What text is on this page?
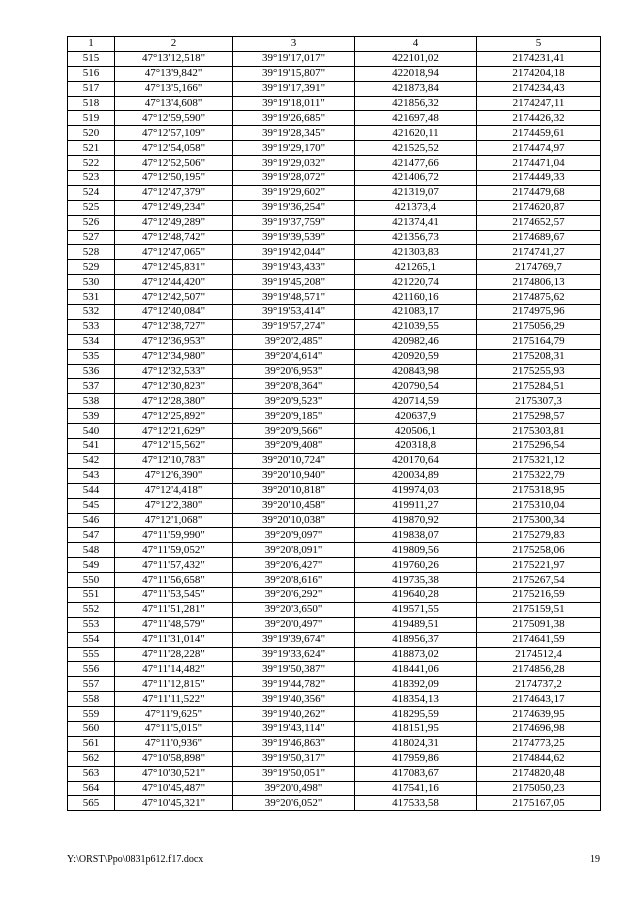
1	2	3	4	5
515	47°13'12,518"	39°19'17,017"	422101,02	2174231,41
516	47°13'9,842"	39°19'15,807"	422018,94	2174204,18
517	47°13'5,166"	39°19'17,391"	421873,84	2174234,43
518	47°13'4,608"	39°19'18,011"	421856,32	2174247,11
519	47°12'59,590"	39°19'26,685"	421697,48	2174426,32
520	47°12'57,109"	39°19'28,345"	421620,11	2174459,61
521	47°12'54,058"	39°19'29,170"	421525,52	2174474,97
522	47°12'52,506"	39°19'29,032"	421477,66	2174471,04
523	47°12'50,195"	39°19'28,072"	421406,72	2174449,33
524	47°12'47,379"	39°19'29,602"	421319,07	2174479,68
525	47°12'49,234"	39°19'36,254"	421373,4	2174620,87
526	47°12'49,289"	39°19'37,759"	421374,41	2174652,57
527	47°12'48,742"	39°19'39,539"	421356,73	2174689,67
528	47°12'47,065"	39°19'42,044"	421303,83	2174741,27
529	47°12'45,831"	39°19'43,433"	421265,1	2174769,7
530	47°12'44,420"	39°19'45,208"	421220,74	2174806,13
531	47°12'42,507"	39°19'48,571"	421160,16	2174875,62
532	47°12'40,084"	39°19'53,414"	421083,17	2174975,96
533	47°12'38,727"	39°19'57,274"	421039,55	2175056,29
534	47°12'36,953"	39°20'2,485"	420982,46	2175164,79
535	47°12'34,980"	39°20'4,614"	420920,59	2175208,31
536	47°12'32,533"	39°20'6,953"	420843,98	2175255,93
537	47°12'30,823"	39°20'8,364"	420790,54	2175284,51
538	47°12'28,380"	39°20'9,523"	420714,59	2175307,3
539	47°12'25,892"	39°20'9,185"	420637,9	2175298,57
540	47°12'21,629"	39°20'9,566"	420506,1	2175303,81
541	47°12'15,562"	39°20'9,408"	420318,8	2175296,54
542	47°12'10,783"	39°20'10,724"	420170,64	2175321,12
543	47°12'6,390"	39°20'10,940"	420034,89	2175322,79
544	47°12'4,418"	39°20'10,818"	419974,03	2175318,95
545	47°12'2,380"	39°20'10,458"	419911,27	2175310,04
546	47°12'1,068"	39°20'10,038"	419870,92	2175300,34
547	47°11'59,990"	39°20'9,097"	419838,07	2175279,83
548	47°11'59,052"	39°20'8,091"	419809,56	2175258,06
549	47°11'57,432"	39°20'6,427"	419760,26	2175221,97
550	47°11'56,658"	39°20'8,616"	419735,38	2175267,54
551	47°11'53,545"	39°20'6,292"	419640,28	2175216,59
552	47°11'51,281"	39°20'3,650"	419571,55	2175159,51
553	47°11'48,579"	39°20'0,497"	419489,51	2175091,38
554	47°11'31,014"	39°19'39,674"	418956,37	2174641,59
555	47°11'28,228"	39°19'33,624"	418873,02	2174512,4
556	47°11'14,482"	39°19'50,387"	418441,06	2174856,28
557	47°11'12,815"	39°19'44,782"	418392,09	2174737,2
558	47°11'11,522"	39°19'40,356"	418354,13	2174643,17
559	47°11'9,625"	39°19'40,262"	418295,59	2174639,95
560	47°11'5,015"	39°19'43,114"	418151,95	2174696,98
561	47°11'0,936"	39°19'46,863"	418024,31	2174773,25
562	47°10'58,898"	39°19'50,317"	417959,86	2174844,62
563	47°10'30,521"	39°19'50,051"	417083,67	2174820,48
564	47°10'45,487"	39°20'0,498"	417541,16	2175050,23
565	47°10'45,321"	39°20'6,052"	417533,58	2175167,05
Y:\ORST\Ppo\0831p612.f17.docx	19
